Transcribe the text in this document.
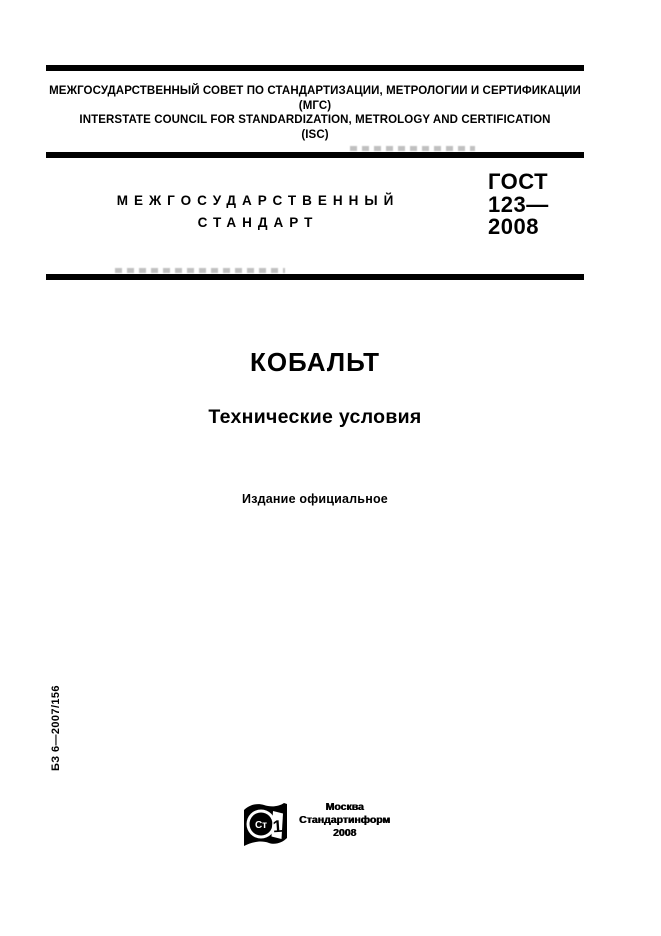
МЕЖГОСУДАРСТВЕННЫЙ СОВЕТ ПО СТАНДАРТИЗАЦИИ, МЕТРОЛОГИИ И СЕРТИФИКАЦИИ
(МГС)
INTERSTATE COUNCIL FOR STANDARDIZATION, METROLOGY AND CERTIFICATION
(ISC)
МЕЖГОСУДАРСТВЕННЫЙ
СТАНДАРТ
ГОСТ
123—
2008
КОБАЛЬТ
Технические условия
Издание официальное
БЗ 6—2007/156
Ст 1
Москва
Стандартинформ
2008
